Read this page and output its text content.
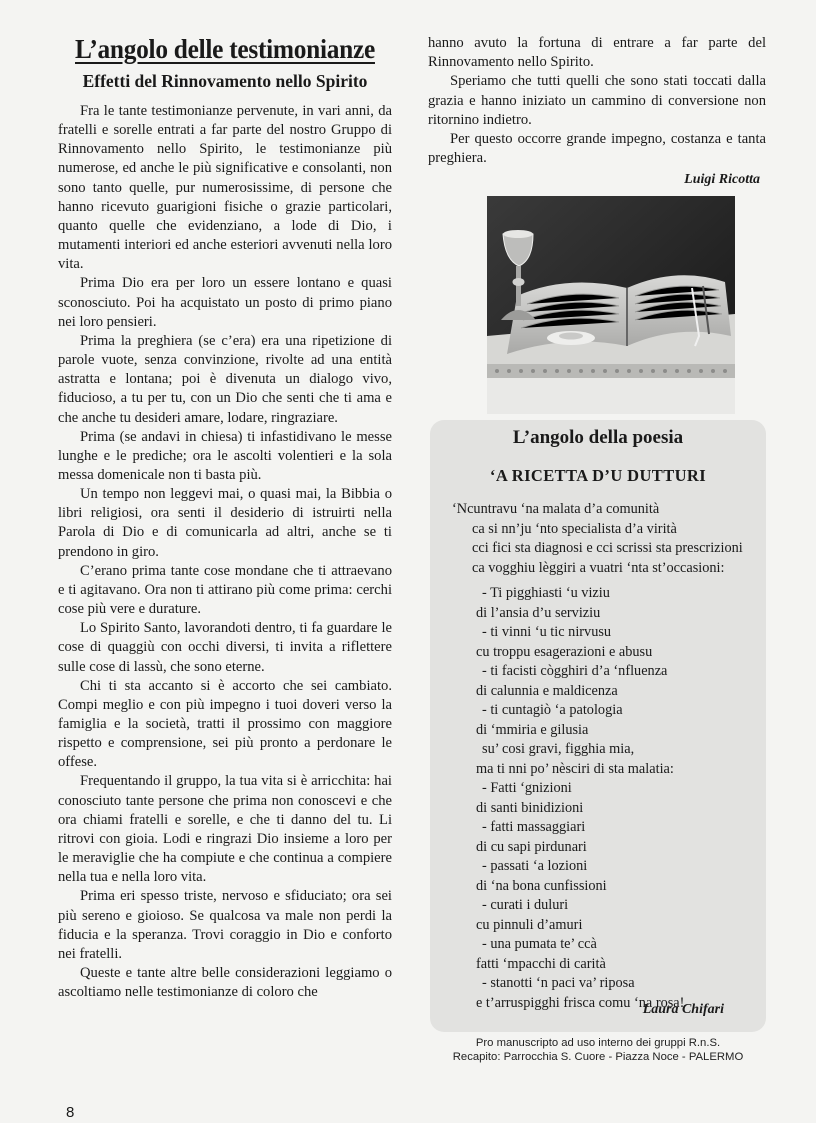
L’angolo delle testimonianze
Effetti del Rinnovamento nello Spirito

Fra le tante testimonianze pervenute, in vari anni, da fratelli e sorelle entrati a far parte del nostro Gruppo di Rinnovamento nello Spirito, le testimonianze più numerose, ed anche le più significative e consolanti, non sono tanto quelle, pur numerosissime, di persone che hanno ricevuto guarigioni fisiche o grazie particolari, quanto quelle che evidenziano, a lode di Dio, i mutamenti interiori ed anche esteriori avvenuti nella loro vita.

Prima Dio era per loro un essere lontano e quasi sconosciuto. Poi ha acquistato un posto di primo piano nei loro pensieri.

Prima la preghiera (se c’era) era una ripetizione di parole vuote, senza convinzione, rivolte ad una entità astratta e lontana; poi è divenuta un dialogo vivo, fiducioso, a tu per tu, con un Dio che senti che ti ama e che anche tu desideri amare, lodare, ringraziare.

Prima (se andavi in chiesa) ti infastidivano le messe lunghe e le prediche; ora le ascolti volentieri e la sola messa domenicale non ti basta più.

Un tempo non leggevi mai, o quasi mai, la Bibbia o libri religiosi, ora senti il desiderio di istruirti nella Parola di Dio e di comunicarla ad altri, anche se ti prendono in giro.

C’erano prima tante cose mondane che ti attraevano e ti agitavano. Ora non ti attirano più come prima: cerchi cose più vere e durature.

Lo Spirito Santo, lavorandoti dentro, ti fa guardare le cose di quaggiù con occhi diversi, ti invita a riflettere sulle cose di lassù, che sono eterne.

Chi ti sta accanto si è accorto che sei cambiato. Compi meglio e con più impegno i tuoi doveri verso la famiglia e la società, tratti il prossimo con maggiore rispetto e comprensione, sei più pronto a perdonare le offese.

Frequentando il gruppo, la tua vita si è arricchita: hai conosciuto tante persone che prima non conoscevi e che ora chiami fratelli e sorelle, e che ti danno del tu. Li ritrovi con gioia. Lodi e ringrazi Dio insieme a loro per le meraviglie che ha compiute e che continua a compiere nella tua e nella loro vita.

Prima eri spesso triste, nervoso e sfiduciato; ora sei più sereno e gioioso. Se qualcosa va male non perdi la fiducia e la speranza. Trovi coraggio in Dio e conforto nei fratelli.

Queste e tante altre belle considerazioni leggiamo o ascoltiamo nelle testimonianze di coloro che

hanno avuto la fortuna di entrare a far parte del Rinnovamento nello Spirito.

Speriamo che tutti quelli che sono stati toccati dalla grazia e hanno iniziato un cammino di conversione non ritornino indietro.

Per questo occorre grande impegno, costanza e tanta preghiera.

Luigi Ricotta
L’angolo della poesia
‘A RICETTA D’U DUTTURI
‘Ncuntravu ‘na malata d’a comunità
ca si nn’ju ‘nto specialista d’a virità
cci fici sta diagnosi e cci scrissi sta prescrizioni
ca vogghiu lèggiri a vuatri ‘nta st’occasioni:
- Ti pigghiasti ‘u viziu
di l’ansia d’u serviziu
- ti vinni ‘u tic nirvusu
cu troppu esagerazioni e abusu
- ti facisti cògghiri d’a ‘nfluenza
di calunnia e maldicenza
- ti cuntagiò ‘a patologia
di ‘mmiria e gilusia
su’ cosi gravi, figghia mia,
ma ti nni po’ nèsciri di sta malatia:
- Fatti ‘gnizioni
di santi binidizioni
- fatti massaggiari
di cu sapi pirdunari
- passati ‘a lozioni
di ‘na bona cunfissioni
- curati i duluri
cu pinnuli d’amuri
- una pumata te’ ccà
fatti ‘mpacchi di carità
- stanotti ‘n paci va’ riposa
e t’arruspigghi frisca comu ‘na rosa!
Laura Chifari
Pro manuscripto ad uso interno dei gruppi R.n.S.
Recapito: Parrocchia S. Cuore - Piazza Noce - PALERMO
8
